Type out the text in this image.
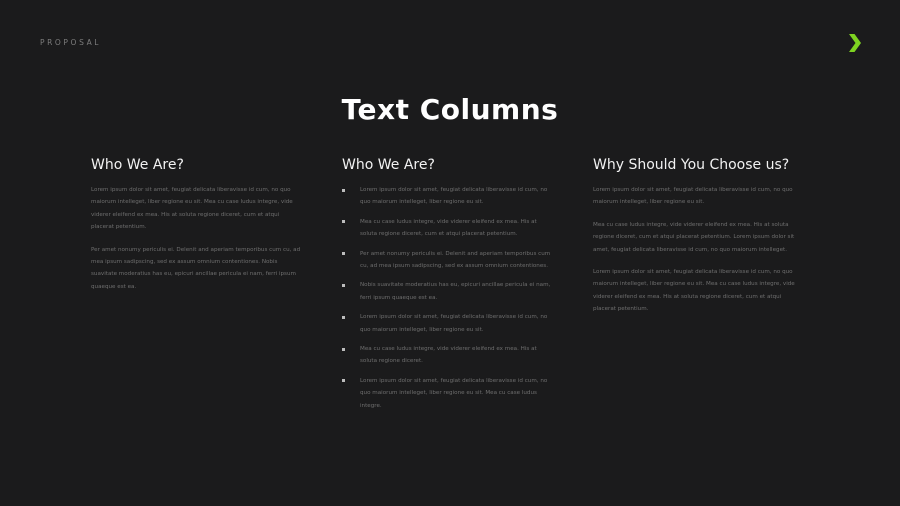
PROPOSAL
Text Columns
Who We Are?

Lorem ipsum dolor sit amet, feugiat delicata liberavisse id cum, no quo maiorum intelleget, liber regione eu sit. Mea cu case ludus integre, vide viderer eleifend ex mea. His at soluta regione diceret, cum et atqui placerat petentium.

Per amet nonumy periculis ei. Delenit and aperiam temporibus cum cu, ad mea ipsum sadipscing, sed ex assum omnium contentiones. Nobis suavitate moderatius has eu, epicuri ancillae pericula ei nam, ferri ipsum quaeque est ea.

Who We Are?
Lorem ipsum dolor sit amet, feugiat delicata liberavisse id cum, no quo maiorum intelleget, liber regione eu sit.
Mea cu case ludus integre, vide viderer eleifend ex mea. His at soluta regione diceret, cum et atqui placerat petentium.
Per amet nonumy periculis ei. Delenit and aperiam temporibus cum cu, ad mea ipsum sadipscing, sed ex assum omnium contentiones.
Nobis suavitate moderatius has eu, epicuri ancillae pericula ei nam, ferri ipsum quaeque est ea.
Lorem ipsum dolor sit amet, feugiat delicata liberavisse id cum, no quo maiorum intelleget, liber regione eu sit.
Mea cu case ludus integre, vide viderer eleifend ex mea. His at soluta regione diceret.
Lorem ipsum dolor sit amet, feugiat delicata liberavisse id cum, no quo maiorum intelleget, liber regione eu sit. Mea cu case ludus integre.
Why Should You Choose us?

Lorem ipsum dolor sit amet, feugiat delicata liberavisse id cum, no quo maiorum intelleget, liber regione eu sit.

Mea cu case ludus integre, vide viderer eleifend ex mea. His at soluta regione diceret, cum et atqui placerat petentium. Lorem ipsum dolor sit amet, feugiat delicata liberavisse id cum, no quo maiorum intelleget.

Lorem ipsum dolor sit amet, feugiat delicata liberavisse id cum, no quo maiorum intelleget, liber regione eu sit. Mea cu case ludus integre, vide viderer eleifend ex mea. His at soluta regione diceret, cum et atqui placerat petentium.
